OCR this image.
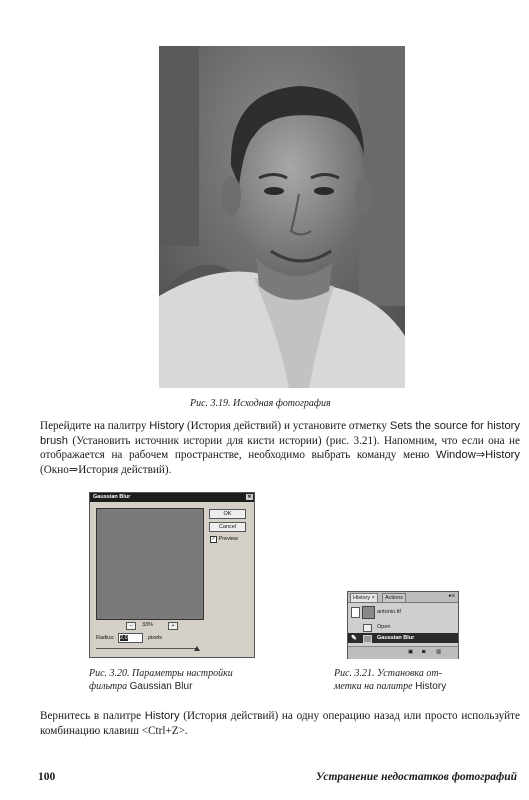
Рис. 3.19. Исходная фотография
Перейдите на палитру History (История действий) и установите отметку Sets the source for history brush (Установить источник истории для кисти истории) (рис. 3.21). Напомним, что если она не отображается на рабочем пространстве, необходимо выбрать команду меню Window⇒History (Окно⇒История действий).
Gaussian Blur	✕
OK
Cancel
✓ Preview
−	33%	+
Radius: 2,0	pixels
Рис. 3.20. Параметры настройки
фильтра Gaussian Blur
History ×	Actions	▸≡
antonio.tif
Open
✎	Gaussian Blur
▣ ◙ ▥
Рис. 3.21. Установка от-
метки на палитре History
Вернитесь в палитре History (История действий) на одну операцию назад или просто используйте комбинацию клавиш <Ctrl+Z>.
100	Устранение недостатков фотографий
